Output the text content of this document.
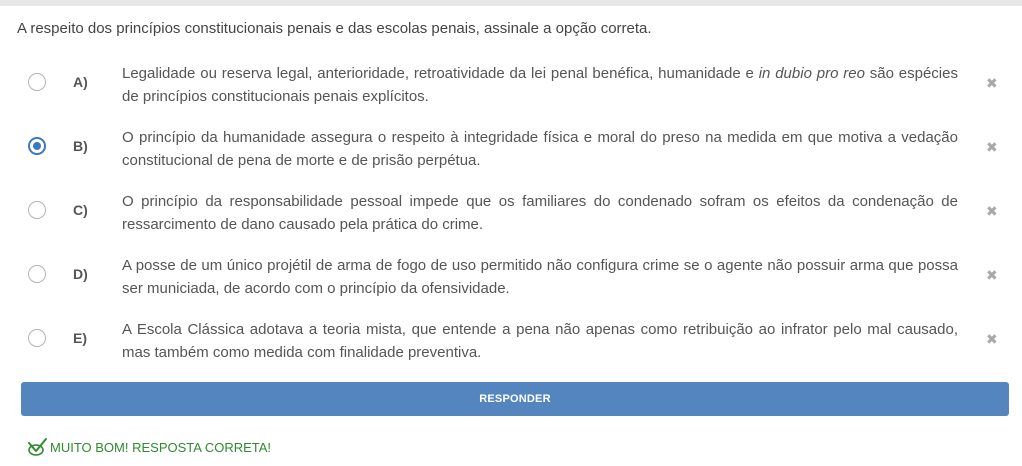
A respeito dos princípios constitucionais penais e das escolas penais, assinale a opção correta.
A) Legalidade ou reserva legal, anterioridade, retroatividade da lei penal benéfica, humanidade e in dubio pro reo são espécies de princípios constitucionais penais explícitos.
✖
B) O princípio da humanidade assegura o respeito à integridade física e moral do preso na medida em que motiva a vedação constitucional de pena de morte e de prisão perpétua.
✖
C) O princípio da responsabilidade pessoal impede que os familiares do condenado sofram os efeitos da condenação de ressarcimento de dano causado pela prática do crime.
✖
D) A posse de um único projétil de arma de fogo de uso permitido não configura crime se o agente não possuir arma que possa ser municiada, de acordo com o princípio da ofensividade.
✖
E) A Escola Clássica adotava a teoria mista, que entende a pena não apenas como retribuição ao infrator pelo mal causado, mas também como medida com finalidade preventiva.
✖
RESPONDER
MUITO BOM! RESPOSTA CORRETA!
